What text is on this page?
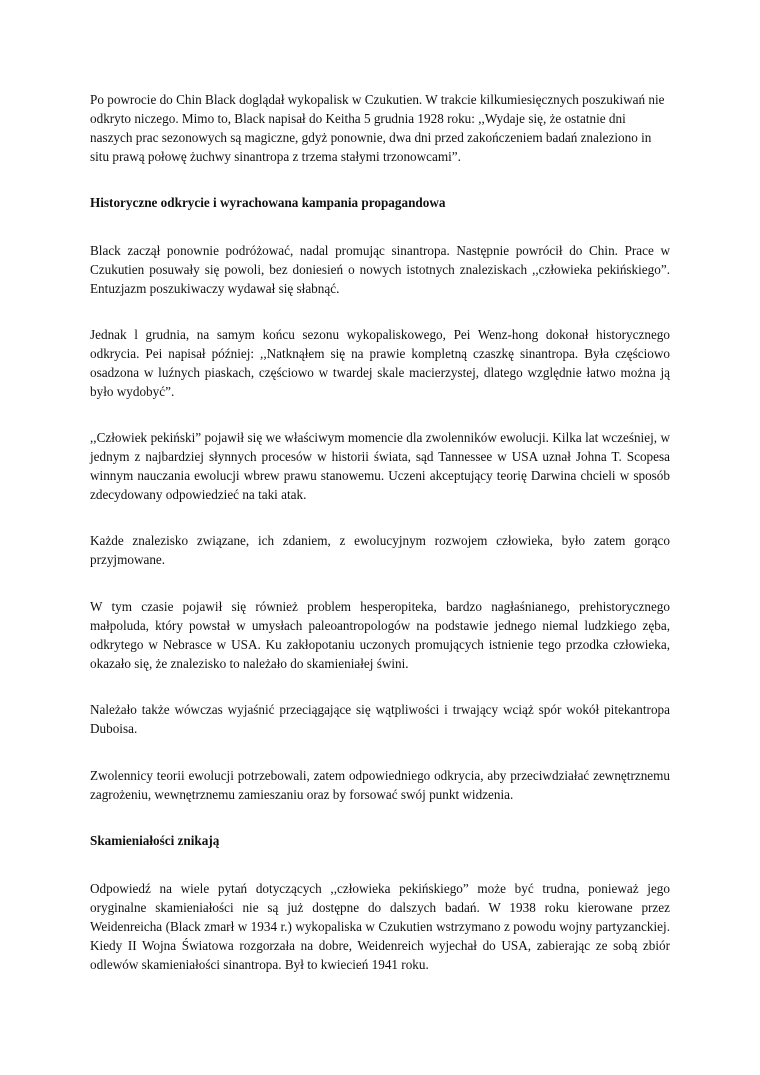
Po powrocie do Chin Black doglądał wykopalisk w Czukutien. W trakcie kilkumiesięcznych poszukiwań nie odkryto niczego. Mimo to, Black napisał do Keitha 5 grudnia 1928 roku: ,,Wydaje się, że ostatnie dni naszych prac sezonowych są magiczne, gdyż ponownie, dwa dni przed zakończeniem badań znaleziono in situ prawą połowę żuchwy sinantropa z trzema stałymi trzonowcami”.

Historyczne odkrycie i wyrachowana kampania propagandowa

Black zaczął ponownie podróżować, nadal promując sinantropa. Następnie powrócił do Chin. Prace w Czukutien posuwały się powoli, bez doniesień o nowych istotnych znaleziskach ,,człowieka pekińskiego”. Entuzjazm poszukiwaczy wydawał się słabnąć.

Jednak l grudnia, na samym końcu sezonu wykopaliskowego, Pei Wenz-hong dokonał historycznego odkrycia. Pei napisał później: ,,Natknąłem się na prawie kompletną czaszkę sinantropa. Była częściowo osadzona w luźnych piaskach, częściowo w twardej skale macierzystej, dlatego względnie łatwo można ją było wydobyć”.

,,Człowiek pekiński” pojawił się we właściwym momencie dla zwolenników ewolucji. Kilka lat wcześniej, w jednym z najbardziej słynnych procesów w historii świata, sąd Tannessee w USA uznał Johna T. Scopesa winnym nauczania ewolucji wbrew prawu stanowemu. Uczeni akceptujący teorię Darwina chcieli w sposób zdecydowany odpowiedzieć na taki atak.

Każde znalezisko związane, ich zdaniem, z ewolucyjnym rozwojem człowieka, było zatem gorąco przyjmowane.

W tym czasie pojawił się również problem hesperopiteka, bardzo nagłaśnianego, prehistorycznego małpoluda, który powstał w umysłach paleoantropologów na podstawie jednego niemal ludzkiego zęba, odkrytego w Nebrasce w USA. Ku zakłopotaniu uczonych promujących istnienie tego przodka człowieka, okazało się, że znalezisko to należało do skamieniałej świni.

Należało także wówczas wyjaśnić przeciągające się wątpliwości i trwający wciąż spór wokół pitekantropa Duboisa.

Zwolennicy teorii ewolucji potrzebowali, zatem odpowiedniego odkrycia, aby przeciwdziałać zewnętrznemu zagrożeniu, wewnętrznemu zamieszaniu oraz by forsować swój punkt widzenia.

Skamieniałości znikają

Odpowiedź na wiele pytań dotyczących ,,człowieka pekińskiego” może być trudna, ponieważ jego oryginalne skamieniałości nie są już dostępne do dalszych badań. W 1938 roku kierowane przez Weidenreicha (Black zmarł w 1934 r.) wykopaliska w Czukutien wstrzymano z powodu wojny partyzanckiej. Kiedy II Wojna Światowa rozgorzała na dobre, Weidenreich wyjechał do USA, zabierając ze sobą zbiór odlewów skamieniałości sinantropa. Był to kwiecień 1941 roku.
